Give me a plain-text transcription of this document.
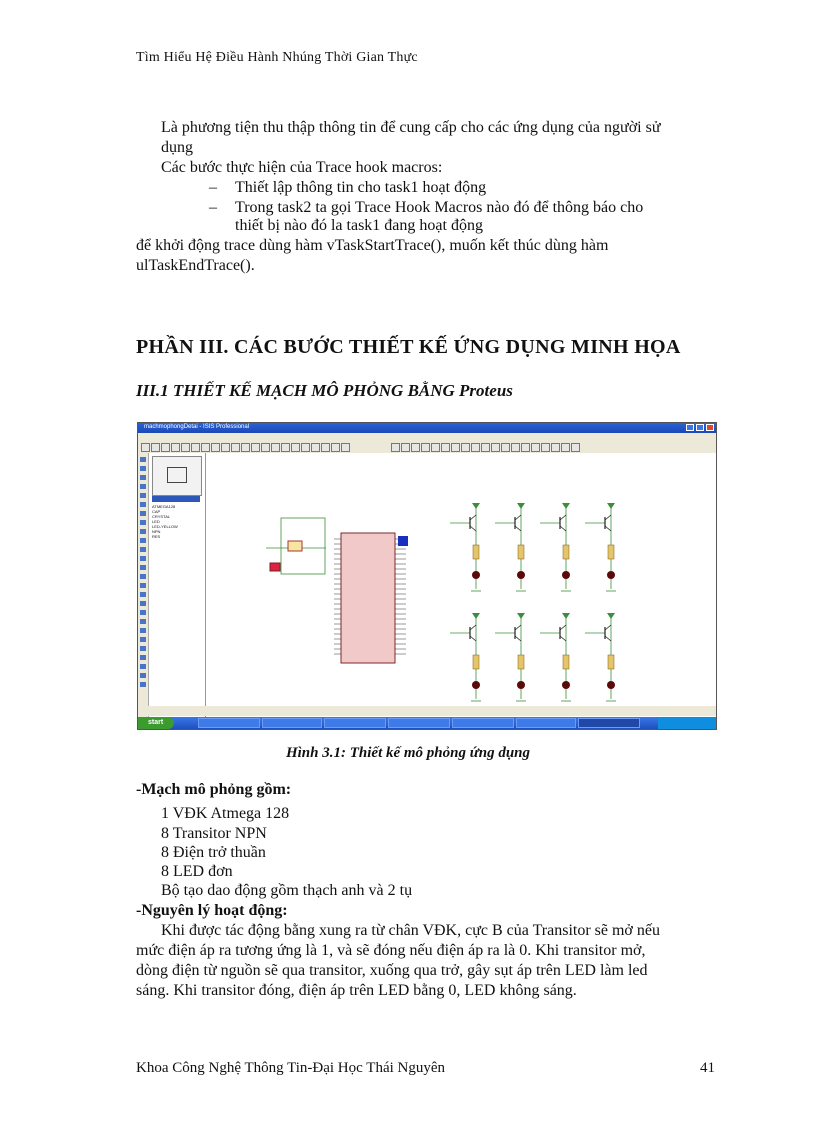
Tìm Hiểu Hệ Điều Hành Nhúng Thời Gian Thực
Là phương tiện thu thập thông tin để cung cấp cho các ứng dụng của người sử
dụng
Các bước thực hiện của Trace hook macros:
– Thiết lập thông tin cho task1 hoạt động
– Trong task2 ta gọi Trace Hook Macros nào đó để thông báo cho
thiết bị nào đó la task1 đang hoạt động
để khởi động trace dùng hàm vTaskStartTrace(), muốn kết thúc dùng hàm
ulTaskEndTrace().
PHẦN III. CÁC BƯỚC THIẾT KẾ ỨNG DỤNG MINH HỌA
III.1 THIẾT KẾ MẠCH MÔ PHỎNG BẰNG Proteus
machmophongDetai - ISIS Professional
ATMEGA128
CAP
CRYSTAL
LED
LED-YELLOW
NPN
RES
start
Hình 3.1: Thiết kế mô phỏng ứng dụng
-Mạch mô phỏng gồm:
1 VĐK Atmega 128
8 Transitor NPN
8 Điện trở thuần
8 LED đơn
Bộ tạo dao động gồm thạch anh và 2 tụ
-Nguyên lý hoạt động:
Khi được tác động bằng xung ra từ chân VĐK, cực B của Transitor sẽ mở nếu
mức điện áp ra tương ứng là 1, và sẽ đóng nếu điện áp ra là 0. Khi transitor mở,
dòng điện từ nguồn sẽ qua transitor, xuống qua trở, gây sụt áp trên LED làm led
sáng. Khi transitor đóng, điện áp trên LED bằng 0, LED không sáng.
Khoa Công Nghệ Thông Tin-Đại Học Thái Nguyên	41
